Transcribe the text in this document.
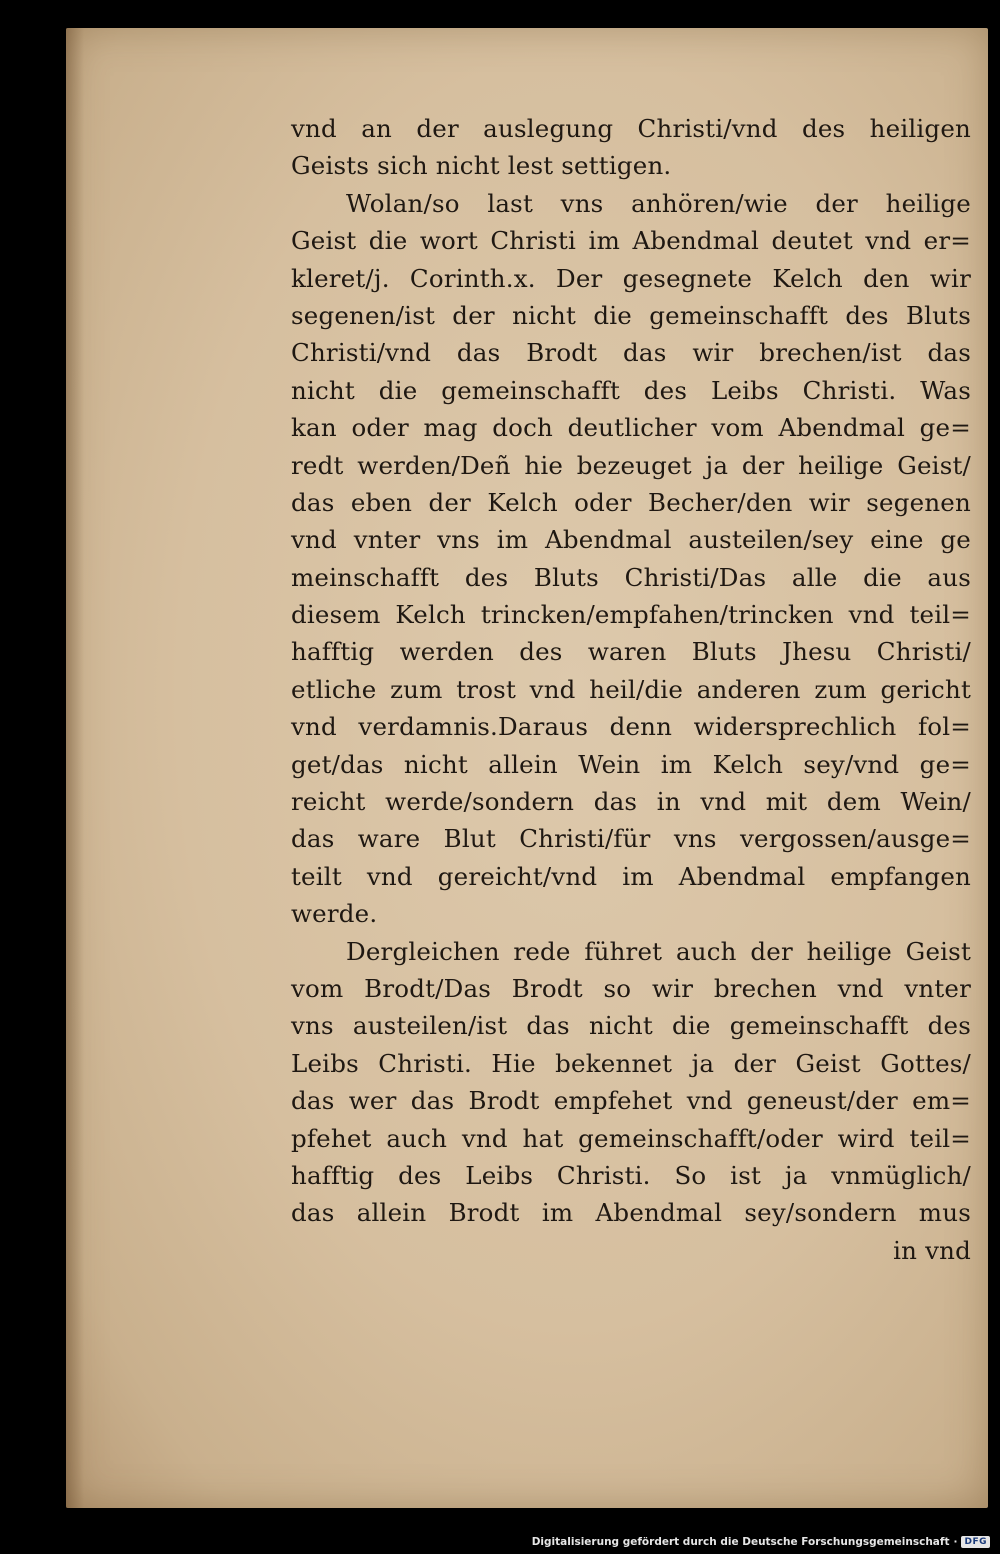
vnd an der auslegung Christi/vnd des heiligen
Geists sich nicht lest settigen.
Wolan/so last vns anhören/wie der heilige
Geist die wort Christi im Abendmal deutet vnd er=
kleret/j. Corinth.x. Der gesegnete Kelch den wir
segenen/ist der nicht die gemeinschafft des Bluts
Christi/vnd das Brodt das wir brechen/ist das
nicht die gemeinschafft des Leibs Christi. Was
kan oder mag doch deutlicher vom Abendmal ge=
redt werden/Deñ hie bezeuget ja der heilige Geist/
das eben der Kelch oder Becher/den wir segenen
vnd vnter vns im Abendmal austeilen/sey eine ge
meinschafft des Bluts Christi/Das alle die aus
diesem Kelch trincken/empfahen/trincken vnd teil=
hafftig werden des waren Bluts Jhesu Christi/
etliche zum trost vnd heil/die anderen zum gericht
vnd verdamnis.Daraus denn widersprechlich fol=
get/das nicht allein Wein im Kelch sey/vnd ge=
reicht werde/sondern das in vnd mit dem Wein/
das ware Blut Christi/für vns vergossen/ausge=
teilt vnd gereicht/vnd im Abendmal empfangen
werde.
Dergleichen rede führet auch der heilige Geist
vom Brodt/Das Brodt so wir brechen vnd vnter
vns austeilen/ist das nicht die gemeinschafft des
Leibs Christi. Hie bekennet ja der Geist Gottes/
das wer das Brodt empfehet vnd geneust/der em=
pfehet auch vnd hat gemeinschafft/oder wird teil=
hafftig des Leibs Christi. So ist ja vnmüglich/
das allein Brodt im Abendmal sey/sondern mus
in vnd
Digitalisierung gefördert durch die Deutsche Forschungsgemeinschaft · DFG
